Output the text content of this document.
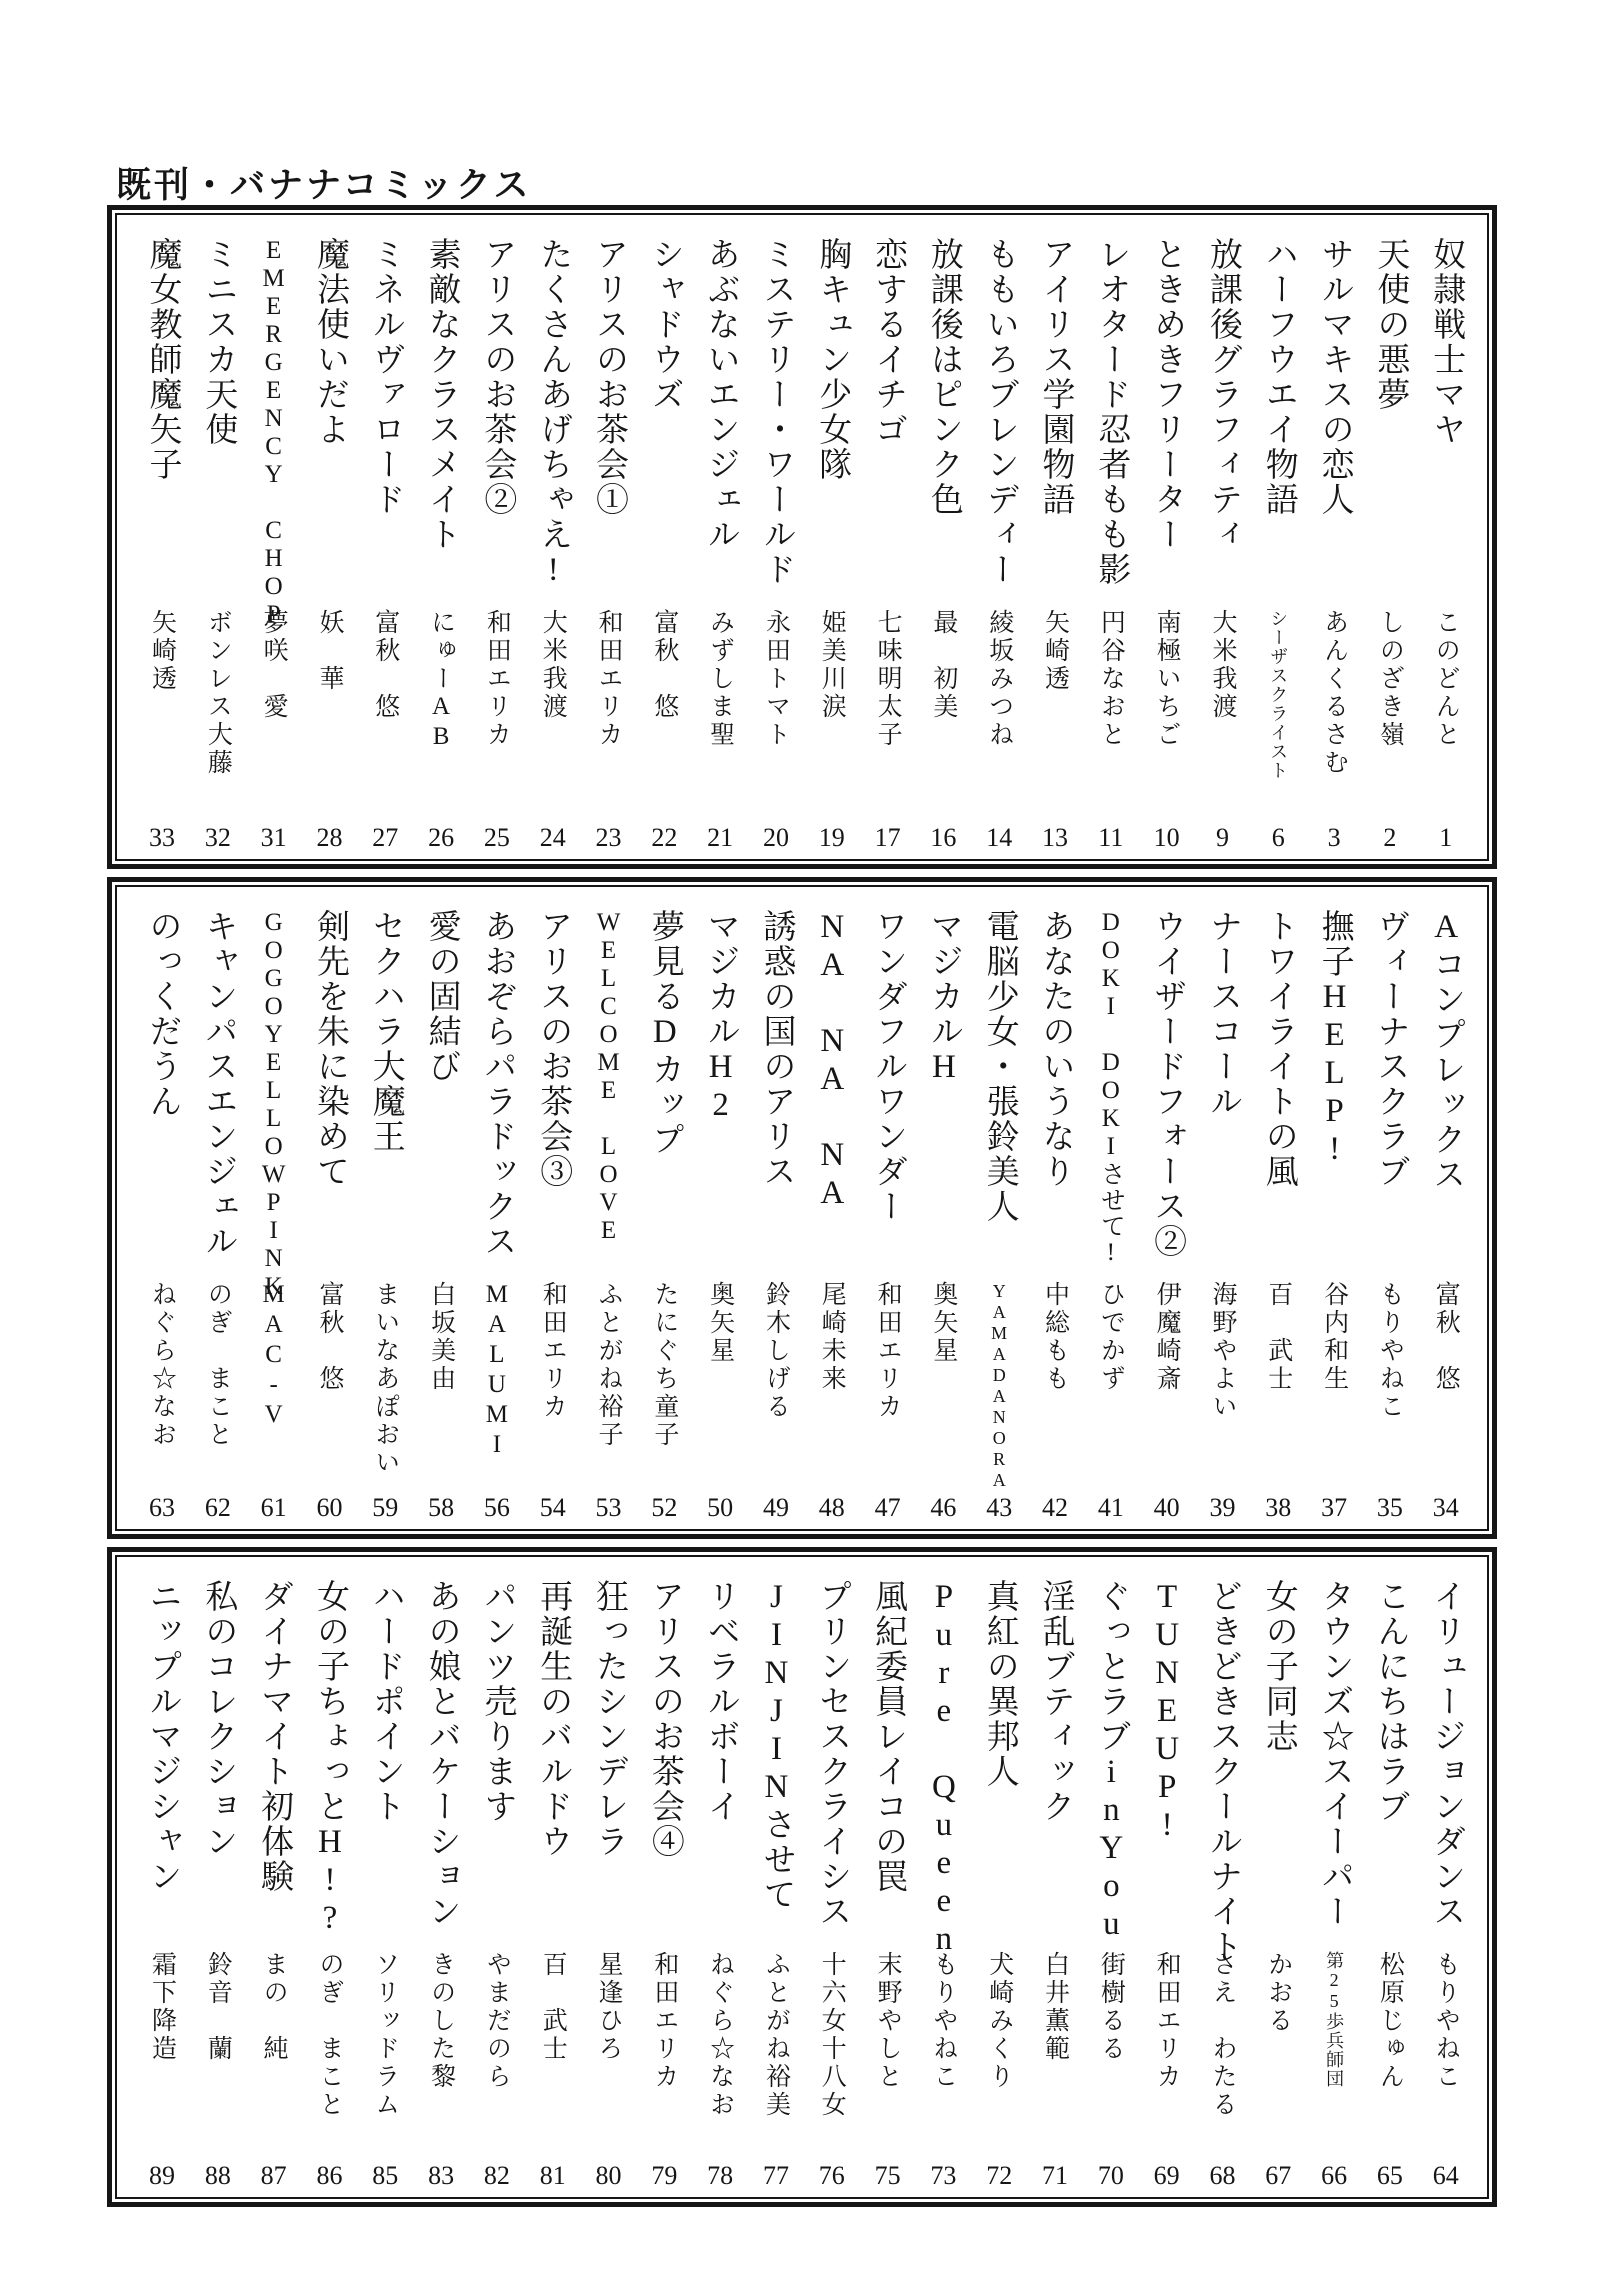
既刊・バナナコミックス
奴隷戦士マヤ
このどんと
1
天使の悪夢
しのざき嶺
2
サルマキスの恋人
あんくるさむ
3
ハーフウエイ物語
シーザスクライスト
6
放課後グラフィティ
大米我渡
9
ときめきフリーター
南極いちご
10
レオタード忍者もも影
円谷なおと
11
アイリス学園物語
矢崎透
13
ももいろブレンディー
綾坂みつね
14
放課後はピンク色
最　初美
16
恋するイチゴ
七味明太子
17
胸キュン少女隊
姫美川涙
19
ミステリー・ワールド
永田トマト
20
あぶないエンジェル
みずしま聖
21
シャドウズ
富秋　悠
22
アリスのお茶会①
和田エリカ
23
たくさんあげちゃえ!
大米我渡
24
アリスのお茶会②
和田エリカ
25
素敵なクラスメイト
にゅーAB
26
ミネルヴァロード
富秋　悠
27
魔法使いだよ
妖　華
28
EMERGENCY CHOP
夢咲　愛
31
ミニスカ天使
ボンレス大藤
32
魔女教師魔矢子
矢崎透
33
Aコンプレックス
富秋　悠
34
ヴィーナスクラブ
もりやねこ
35
撫子HELP!
谷内和生
37
トワイライトの風
百　武士
38
ナースコール
海野やよい
39
ウイザードフォース②
伊魔崎斎
40
DOKI DOKIさせて!
ひでかず
41
あなたのいうなり
中総もも
42
電脳少女・張鈴美人
YAMADANORA
43
マジカルH
奥矢星
46
ワンダフルワンダー
和田エリカ
47
NA NA NA
尾崎未来
48
誘惑の国のアリス
鈴木しげる
49
マジカルH2
奥矢星
50
夢見るDカップ
たにぐち童子
52
WELCOME LOVE
ふとがね裕子
53
アリスのお茶会③
和田エリカ
54
あおぞらパラドックス
MALUMI
56
愛の固結び
白坂美由
58
セクハラ大魔王
まいなあぽおい
59
剣先を朱に染めて
富秋　悠
60
GOGOYELLOWPINK
MAC-V
61
キャンパスエンジェル
のぎ　まこと
62
のっくだうん
ねぐら☆なお
63
イリュージョンダンス
もりやねこ
64
こんにちはラブ
松原じゅん
65
タウンズ☆スイーパー
第25歩兵師団
66
女の子同志
かおる
67
どきどきスクールナイト
さえ　わたる
68
TUNEUP!
和田エリカ
69
ぐっとラブinYou
街樹るる
70
淫乱ブティック
白井薫範
71
真紅の異邦人
犬崎みくり
72
Pure Queen
もりやねこ
73
風紀委員レイコの罠
末野やしと
75
プリンセスクライシス
十六女十八女
76
JINJINさせて
ふとがね裕美
77
リベラルボーイ
ねぐら☆なお
78
アリスのお茶会④
和田エリカ
79
狂ったシンデレラ
星逢ひろ
80
再誕生のバルドウ
百　武士
81
パンツ売ります
やまだのら
82
あの娘とバケーション
きのした黎
83
ハードポイント
ソリッドラム
85
女の子ちょっとH!?
のぎ　まこと
86
ダイナマイト初体験
まの　純
87
私のコレクション
鈴音　蘭
88
ニップルマジシャン
霜下降造
89
